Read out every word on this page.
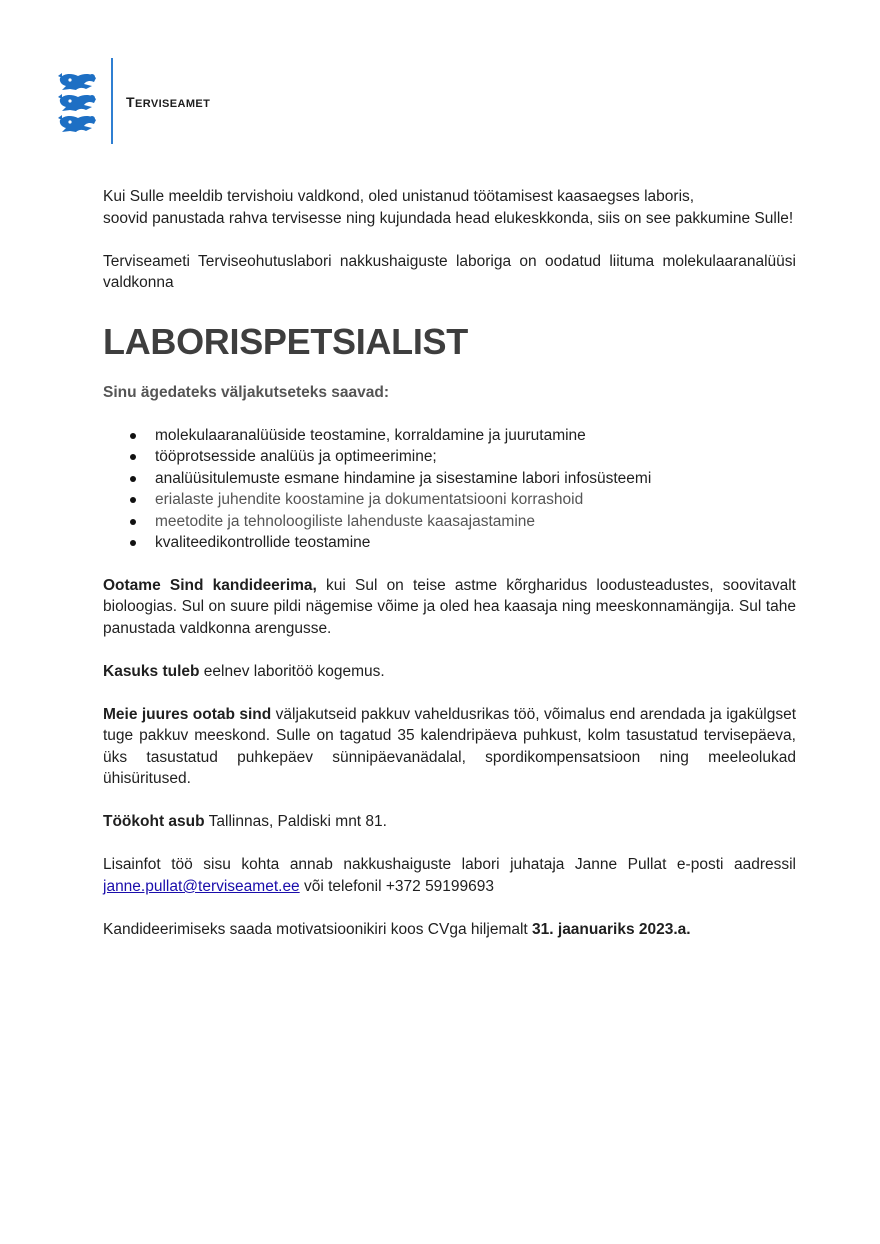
TERVISEAMET

Kui Sulle meeldib tervishoiu valdkond, oled unistanud töötamisest kaasaegses laboris,

soovid panustada rahva tervisesse ning kujundada head elukeskkonda, siis on see pakkumine Sulle!

Terviseameti Terviseohutuslabori nakkushaiguste laboriga on oodatud liituma molekulaaranalüüsi valdkonna

LABORISPETSIALIST

Sinu ägedateks väljakutseteks saavad:

molekulaaranalüüside teostamine, korraldamine ja juurutamine
tööprotsesside analüüs ja optimeerimine;
analüüsitulemuste esmane hindamine ja sisestamine labori infosüsteemi
erialaste juhendite koostamine ja dokumentatsiooni korrashoid
meetodite ja tehnoloogiliste lahenduste kaasajastamine
kvaliteedikontrollide teostamine

Ootame Sind kandideerima, kui Sul on teise astme kõrgharidus loodusteadustes, soovitavalt bioloogias. Sul on suure pildi nägemise võime ja oled hea kaasaja ning meeskonnamängija. Sul tahe panustada valdkonna arengusse.

Kasuks tuleb eelnev laboritöö kogemus.

Meie juures ootab sind väljakutseid pakkuv vaheldusrikas töö, võimalus end arendada ja igakülgset tuge pakkuv meeskond. Sulle on tagatud 35 kalendripäeva puhkust, kolm tasustatud tervisepäeva, üks tasustatud puhkepäev sünnipäevanädalal, spordikompensatsioon ning meeleolukad ühisüritused.

Töökoht asub Tallinnas, Paldiski mnt 81.

Lisainfot töö sisu kohta annab nakkushaiguste labori juhataja Janne Pullat e-posti aadressil janne.pullat@terviseamet.ee või telefonil +372 59199693

Kandideerimiseks saada motivatsioonikiri koos CVga hiljemalt 31. jaanuariks 2023.a.
